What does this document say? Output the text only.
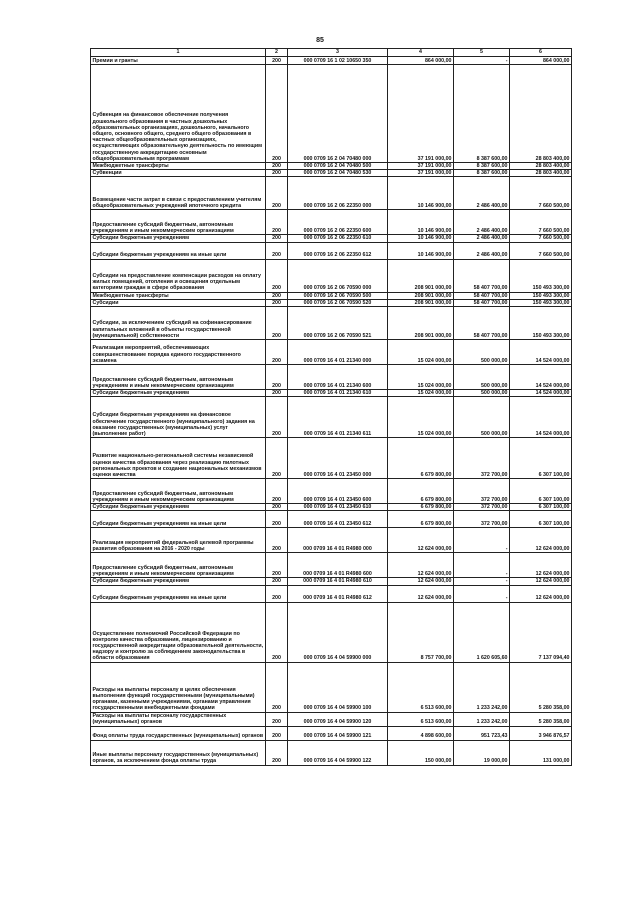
85
1	2	3	4	5	6
Премии и гранты	200	000 0709 16 1 02 10650 350	864 000,00	-	864 000,00
Субвенция на финансовое обеспечение получения дошкольного образования в частных дошкольных образовательных организациях, дошкольного, начального общего, основного общего, среднего общего образования в частных общеобразовательных организациях, осуществляющих образовательную деятельность по имеющим государственную аккредитацию основным общеобразовательным программам	200	000 0709 16 2 04 70480 000	37 191 000,00	8 387 600,00	28 803 400,00
Межбюджетные трансферты	200	000 0709 16 2 04 70480 500	37 191 000,00	8 387 600,00	28 803 400,00
Субвенции	200	000 0709 16 2 04 70480 530	37 191 000,00	8 387 600,00	28 803 400,00
Возмещение части затрат в связи с предоставлением учителям общеобразовательных учреждений ипотечного кредита	200	000 0709 16 2 06 22350 000	10 146 900,00	2 486 400,00	7 660 500,00
Предоставление субсидий бюджетным, автономным учреждениям и иным некоммерческим организациям	200	000 0709 16 2 06 22350 600	10 146 900,00	2 486 400,00	7 660 500,00
Субсидии бюджетным учреждениям	200	000 0709 16 2 06 22350 610	10 146 900,00	2 486 400,00	7 660 500,00
Субсидии бюджетным учреждениям на иные цели	200	000 0709 16 2 06 22350 612	10 146 900,00	2 486 400,00	7 660 500,00
Субсидии на предоставление компенсации расходов на оплату жилых помещений, отопления и освещения отдельным категориям граждан в сфере образования	200	000 0709 16 2 06 70590 000	208 901 000,00	58 407 700,00	150 493 300,00
Межбюджетные трансферты	200	000 0709 16 2 06 70590 500	208 901 000,00	58 407 700,00	150 493 300,00
Субсидии	200	000 0709 16 2 06 70590 520	208 901 000,00	58 407 700,00	150 493 300,00
Субсидии, за исключением субсидий на софинансирование капитальных вложений в объекты государственной (муниципальной) собственности	200	000 0709 16 2 06 70590 521	208 901 000,00	58 407 700,00	150 493 300,00
Реализация мероприятий, обеспечивающих совершенствование порядка единого государственного экзамена	200	000 0709 16 4 01 21340 000	15 024 000,00	500 000,00	14 524 000,00
Предоставление субсидий бюджетным, автономным учреждениям и иным некоммерческим организациям	200	000 0709 16 4 01 21340 600	15 024 000,00	500 000,00	14 524 000,00
Субсидии бюджетным учреждениям	200	000 0709 16 4 01 21340 610	15 024 000,00	500 000,00	14 524 000,00
Субсидии бюджетным учреждениям на финансовое обеспечение государственного (муниципального) задания на оказание государственных (муниципальных) услуг (выполнение работ)	200	000 0709 16 4 01 21340 611	15 024 000,00	500 000,00	14 524 000,00
Развитие национально-региональной системы независимой оценки качества образования через реализацию пилотных региональных проектов и создание национальных механизмов оценки качества	200	000 0709 16 4 01 23450 000	6 679 800,00	372 700,00	6 307 100,00
Предоставление субсидий бюджетным, автономным учреждениям и иным некоммерческим организациям	200	000 0709 16 4 01 23450 600	6 679 800,00	372 700,00	6 307 100,00
Субсидии бюджетным учреждениям	200	000 0709 16 4 01 23450 610	6 679 800,00	372 700,00	6 307 100,00
Субсидии бюджетным учреждениям на иные цели	200	000 0709 16 4 01 23450 612	6 679 800,00	372 700,00	6 307 100,00
Реализация мероприятий федеральной целевой программы развития образования на 2016 - 2020 годы	200	000 0709 16 4 01 R4980 000	12 624 000,00	-	12 624 000,00
Предоставление субсидий бюджетным, автономным учреждениям и иным некоммерческим организациям	200	000 0709 16 4 01 R4980 600	12 624 000,00	-	12 624 000,00
Субсидии бюджетным учреждениям	200	000 0709 16 4 01 R4980 610	12 624 000,00	-	12 624 000,00
Субсидии бюджетным учреждениям на иные цели	200	000 0709 16 4 01 R4980 612	12 624 000,00	-	12 624 000,00
Осуществление полномочий Российской Федерации по контролю качества образования, лицензированию и государственной аккредитации образовательной деятельности, надзору и контролю за соблюдением законодательства в области образования	200	000 0709 16 4 04 59900 000	8 757 700,00	1 620 605,60	7 137 094,40
Расходы на выплаты персоналу в целях обеспечения выполнения функций государственными (муниципальными) органами, казенными учреждениями, органами управления государственными внебюджетными фондами	200	000 0709 16 4 04 59900 100	6 513 600,00	1 233 242,00	5 280 358,00
Расходы на выплаты персоналу государственных (муниципальных) органов	200	000 0709 16 4 04 59900 120	6 513 600,00	1 233 242,00	5 280 358,00
Фонд оплаты труда государственных (муниципальных) органов	200	000 0709 16 4 04 59900 121	4 898 600,00	951 723,43	3 946 876,57
Иные выплаты персоналу государственных (муниципальных) органов, за исключением фонда оплаты труда	200	000 0709 16 4 04 59900 122	150 000,00	19 000,00	131 000,00
